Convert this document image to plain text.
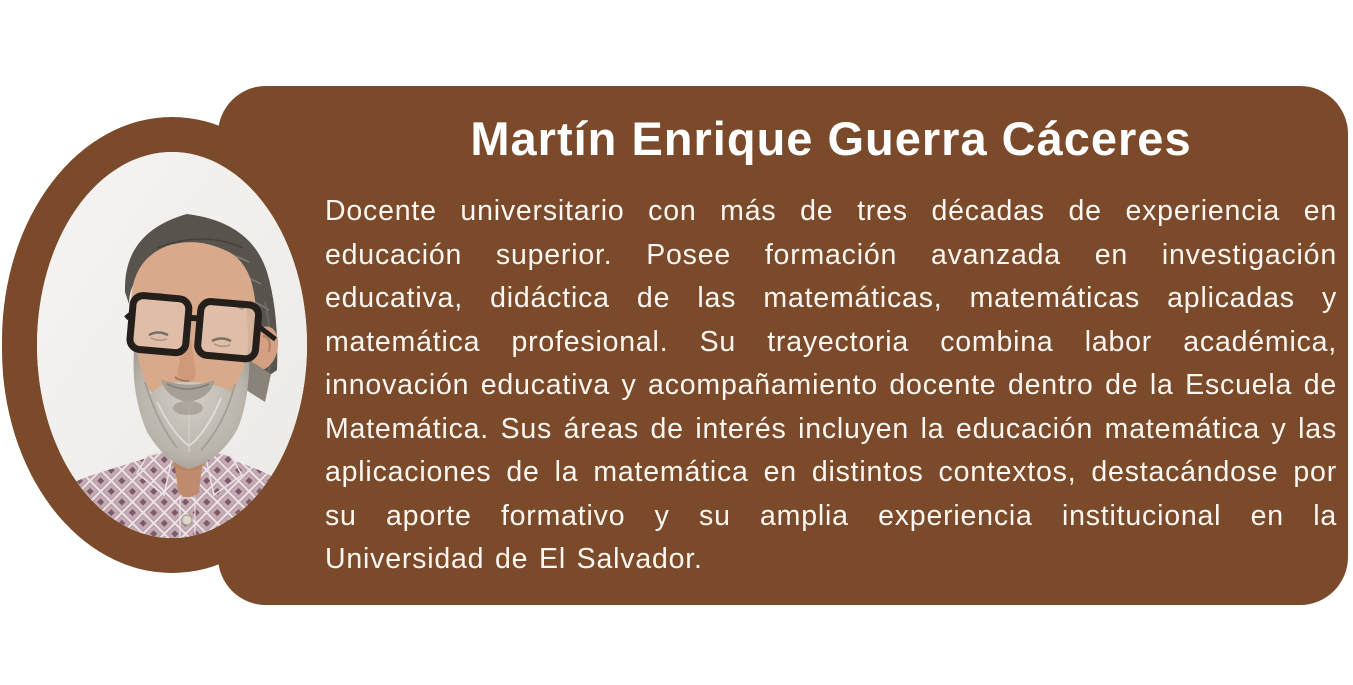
Martín Enrique Guerra Cáceres

Docente universitario con más de tres décadas de experiencia en educación superior. Posee formación avanzada en investigación educativa, didáctica de las matemáticas, matemáticas aplicadas y matemática profesional. Su trayectoria combina labor académica, innovación educativa y acompañamiento docente dentro de la Escuela de Matemática. Sus áreas de interés incluyen la educación matemática y las aplicaciones de la matemática en distintos contextos, destacándose por su aporte formativo y su amplia experiencia institucional en la Universidad de El Salvador.
